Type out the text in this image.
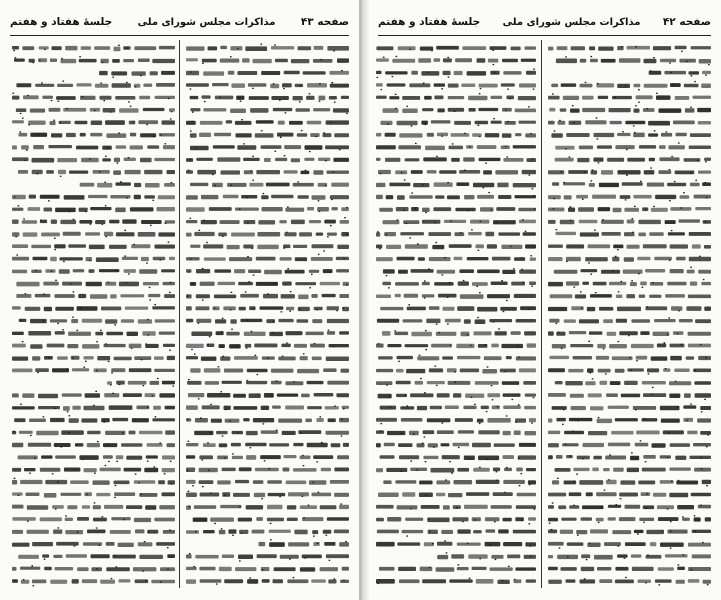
صفحه ۴۳
مذاکرات مجلس شورای ملی
جلسهٔ هفتاد و هفتم	صفحه ۴۲
مذاکرات مجلس شورای ملی
جلسهٔ هفتاد و هفتم
